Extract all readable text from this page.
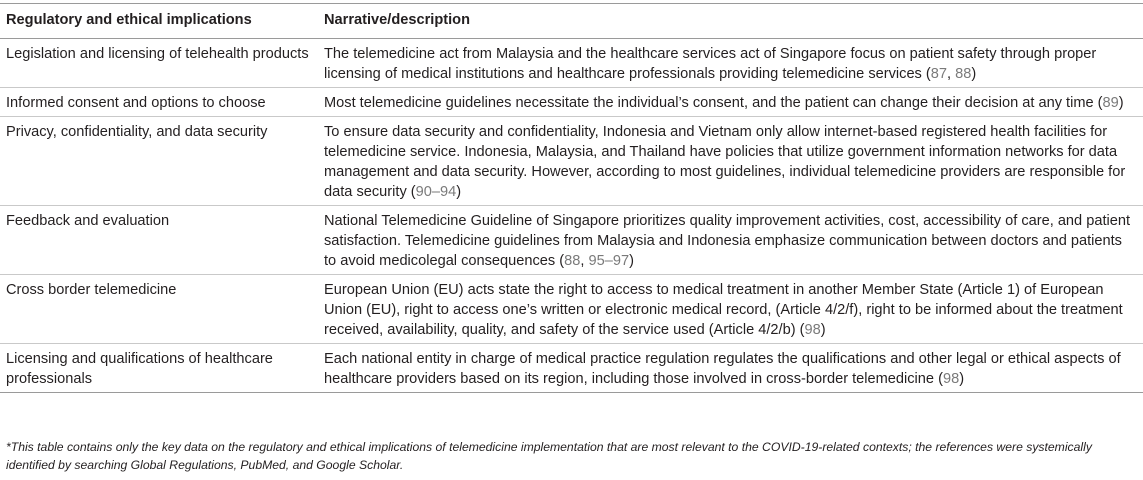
Regulatory and ethical implications	Narrative/description
Legislation and licensing of telehealth products	The telemedicine act from Malaysia and the healthcare services act of Singapore focus on patient safety through proper licensing of medical institutions and healthcare professionals providing telemedicine services (87, 88)
Informed consent and options to choose	Most telemedicine guidelines necessitate the individual’s consent, and the patient can change their decision at any time (89)
Privacy, confidentiality, and data security	To ensure data security and confidentiality, Indonesia and Vietnam only allow internet-based registered health facilities for telemedicine service. Indonesia, Malaysia, and Thailand have policies that utilize government information networks for data management and data security. However, according to most guidelines, individual telemedicine providers are responsible for data security (90–94)
Feedback and evaluation	National Telemedicine Guideline of Singapore prioritizes quality improvement activities, cost, accessibility of care, and patient satisfaction. Telemedicine guidelines from Malaysia and Indonesia emphasize communication between doctors and patients to avoid medicolegal consequences (88, 95–97)
Cross border telemedicine	European Union (EU) acts state the right to access to medical treatment in another Member State (Article 1) of European Union (EU), right to access one’s written or electronic medical record, (Article 4/2/f), right to be informed about the treatment received, availability, quality, and safety of the service used (Article 4/2/b) (98)
Licensing and qualifications of healthcare professionals	Each national entity in charge of medical practice regulation regulates the qualifications and other legal or ethical aspects of healthcare providers based on its region, including those involved in cross-border telemedicine (98)
*This table contains only the key data on the regulatory and ethical implications of telemedicine implementation that are most relevant to the COVID-19-related contexts; the references were systemically identified by searching Global Regulations, PubMed, and Google Scholar.
